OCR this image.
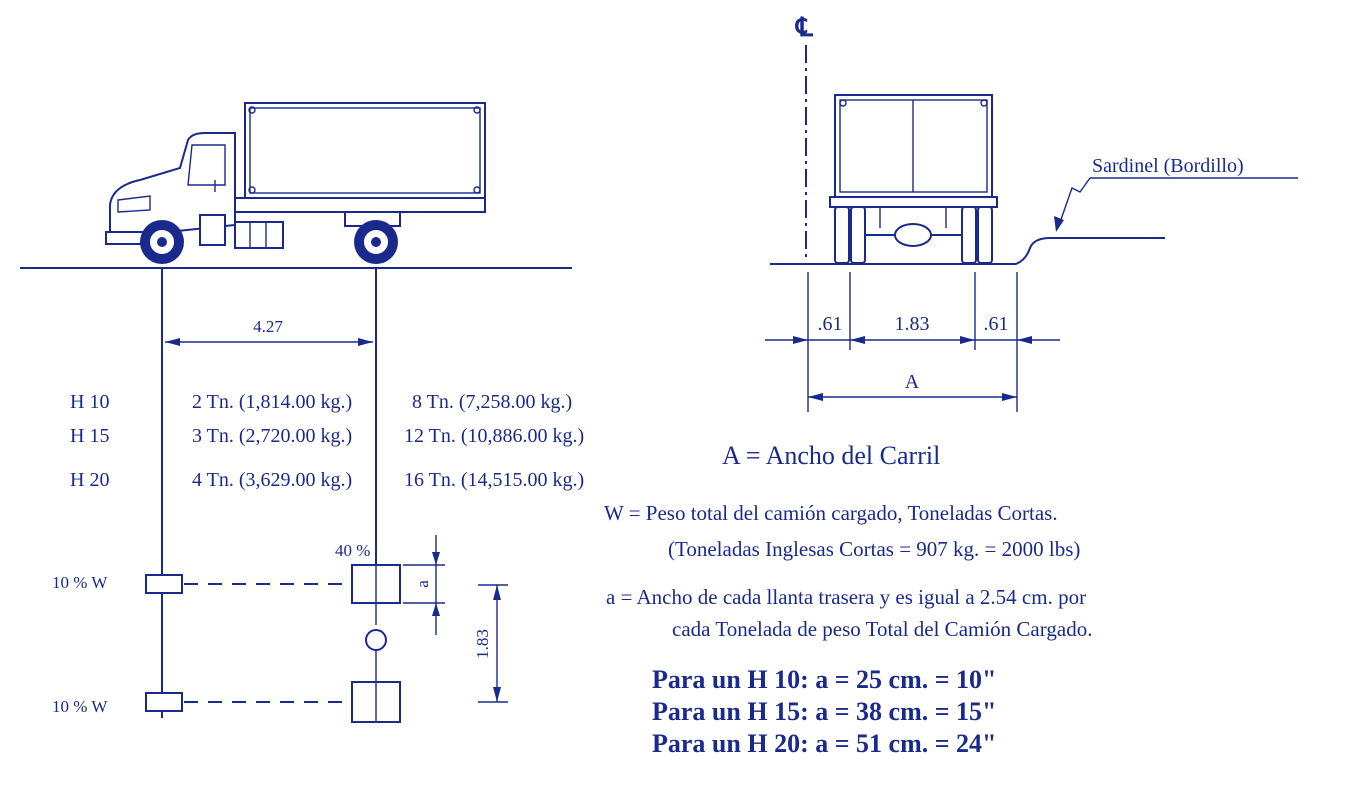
4.27
H 10	2 Tn. (1,814.00 kg.)	8 Tn. (7,258.00 kg.)
H 15	3 Tn. (2,720.00 kg.)	12 Tn. (10,886.00 kg.)
H 20	4 Tn. (3,629.00 kg.)	16 Tn. (14,515.00 kg.)
40 %
10 % W
10 % W
a
1.83
℄
Sardinel (Bordillo)
.61	1.83	.61
A
A = Ancho del Carril
W = Peso total del camión cargado, Toneladas Cortas.
(Toneladas Inglesas Cortas = 907 kg. = 2000 lbs)
a = Ancho de cada llanta trasera y es igual a 2.54 cm. por
cada Tonelada de peso Total del Camión Cargado.
Para un H 10: a = 25 cm. = 10"
Para un H 15: a = 38 cm. = 15"
Para un H 20: a = 51 cm. = 24"
